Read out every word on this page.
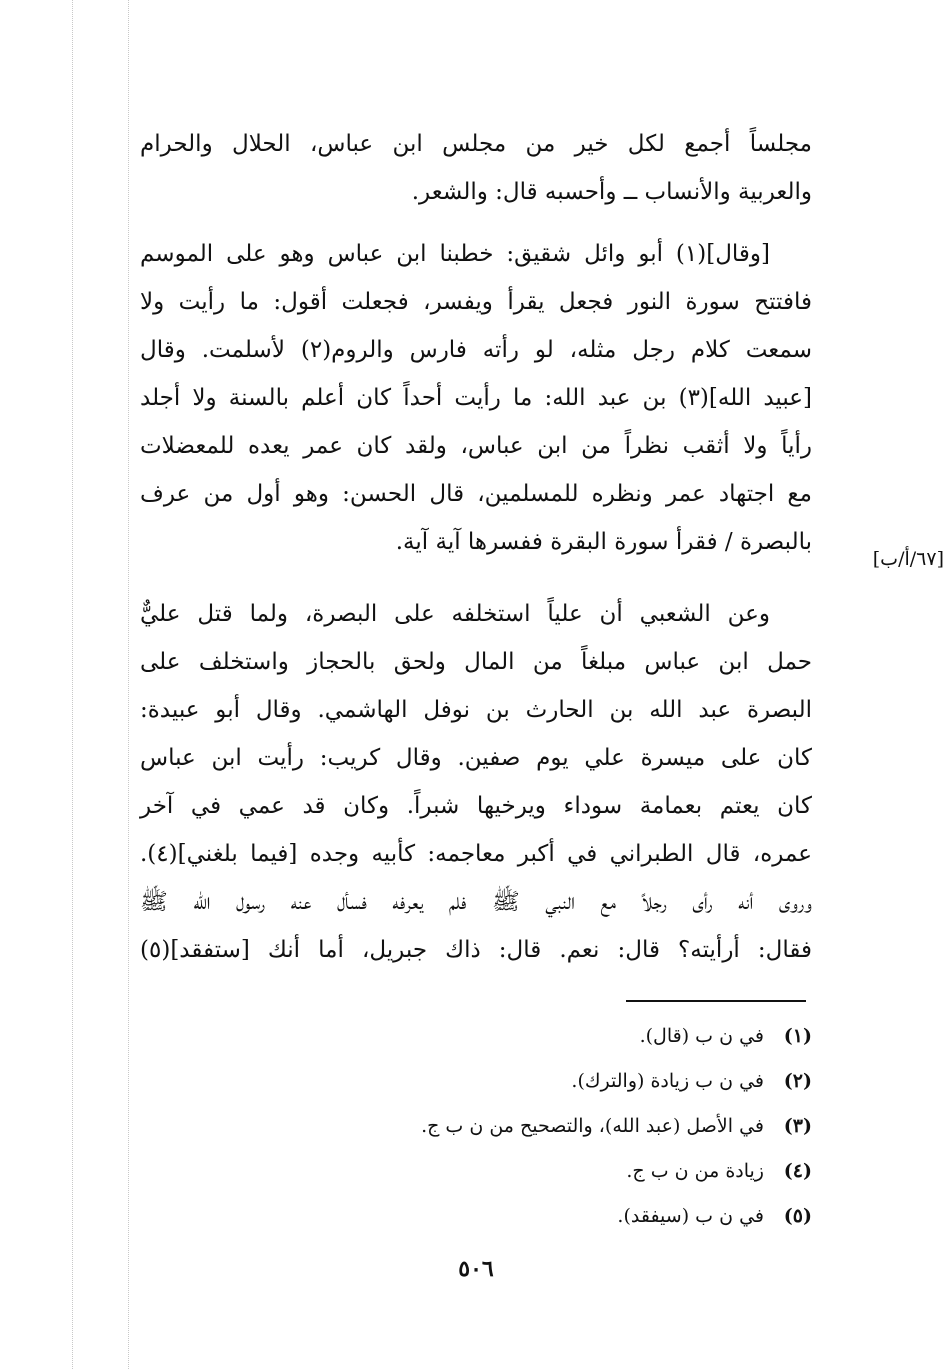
مجلساً أجمع لكل خير من مجلس ابن عباس، الحلال والحرام
والعربية والأنساب ــ وأحسبه قال: والشعر.
[وقال](١) أبو وائل شقيق: خطبنا ابن عباس وهو على الموسم
فافتتح سورة النور فجعل يقرأ ويفسر، فجعلت أقول: ما رأيت ولا
سمعت كلام رجل مثله، لو رأته فارس والروم(٢) لأسلمت. وقال
[عبيد الله](٣) بن عبد الله: ما رأيت أحداً كان أعلم بالسنة ولا أجلد
رأياً ولا أثقب نظراً من ابن عباس، ولقد كان عمر يعده للمعضلات
مع اجتهاد عمر ونظره للمسلمين، قال الحسن: وهو أول من عرف
بالبصرة / فقرأ سورة البقرة ففسرها آية آية.
[٦٧/أ/ب]
وعن الشعبي أن علياً استخلفه على البصرة، ولما قتل عليٌّ
حمل ابن عباس مبلغاً من المال ولحق بالحجاز واستخلف على
البصرة عبد الله بن الحارث بن نوفل الهاشمي. وقال أبو عبيدة:
كان على ميسرة علي يوم صفين. وقال كريب: رأيت ابن عباس
كان يعتم بعمامة سوداء ويرخيها شبراً. وكان قد عمي في آخر
عمره، قال الطبراني في أكبر معاجمه: كأبيه وجده [فيما بلغني](٤).
وروى أنه رأى رجلاً مع النبي ﷺ فلم يعرفه فسأل عنه رسول الله ﷺ
فقال: أرأيته؟ قال: نعم. قال: ذاك جبريل، أما أنك [ستفقد](٥)
(١)
في ن ب (قال).
(٢)
في ن ب زيادة (والترك).
(٣)
في الأصل (عبد الله)، والتصحيح من ن ب ج.
(٤)
زيادة من ن ب ج.
(٥)
في ن ب (سيفقد).
٥٠٦
